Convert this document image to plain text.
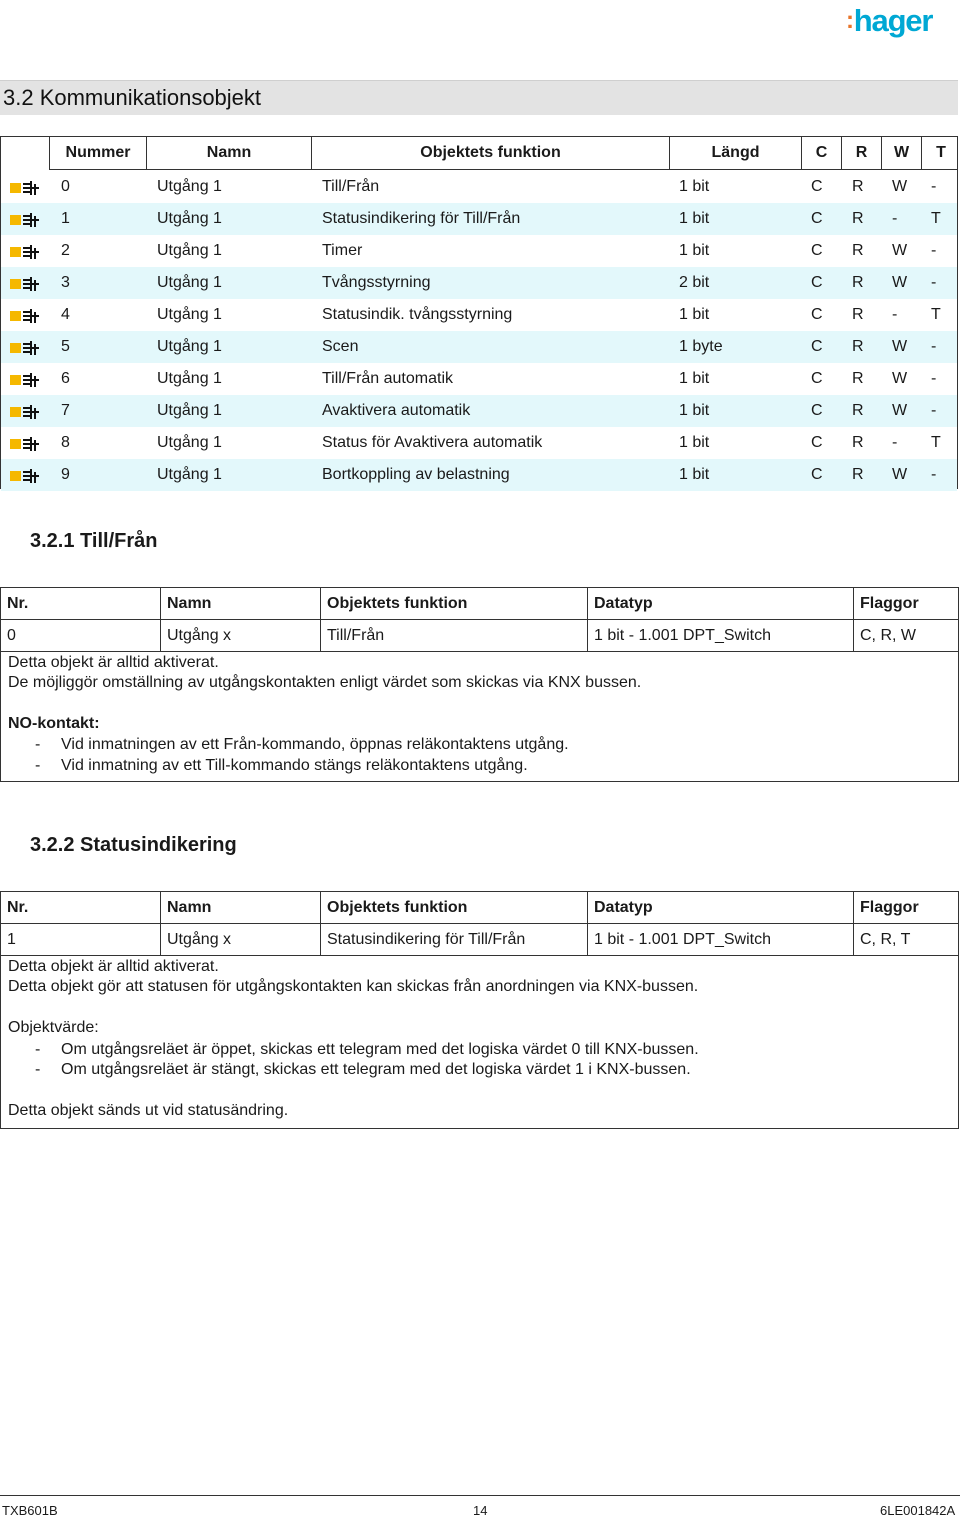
:hager
3.2 Kommunikationsobjekt
Nummer	Namn	Objektets funktion	Längd	C	R	W	T
0	Utgång 1	Till/Från	1 bit	C R W -
1	Utgång 1	Statusindikering för Till/Från	1 bit	C R - T
2	Utgång 1	Timer	1 bit	C R W -
3	Utgång 1	Tvångsstyrning	2 bit	C R W -
4	Utgång 1	Statusindik. tvångsstyrning	1 bit	C R - T
5	Utgång 1	Scen	1 byte	C R W -
6	Utgång 1	Till/Från automatik	1 bit	C R W -
7	Utgång 1	Avaktivera automatik	1 bit	C R W -
8	Utgång 1	Status för Avaktivera automatik	1 bit	C R - T
9	Utgång 1	Bortkoppling av belastning	1 bit	C R W -
3.2.1 Till/Från
Nr.	Namn	Objektets funktion	Datatyp	Flaggor
0	Utgång x	Till/Från	1 bit - 1.001 DPT_Switch	C, R, W
Detta objekt är alltid aktiverat.
De möjliggör omställning av utgångskontakten enligt värdet som skickas via KNX bussen.
NO-kontakt:
- Vid inmatningen av ett Från-kommando, öppnas reläkontaktens utgång.
- Vid inmatning av ett Till-kommando stängs reläkontaktens utgång.
3.2.2 Statusindikering
Nr.	Namn	Objektets funktion	Datatyp	Flaggor
1	Utgång x	Statusindikering för Till/Från	1 bit - 1.001 DPT_Switch	C, R, T
Detta objekt är alltid aktiverat.
Detta objekt gör att statusen för utgångskontakten kan skickas från anordningen via KNX-bussen.
Objektvärde:
- Om utgångsreläet är öppet, skickas ett telegram med det logiska värdet 0 till KNX-bussen.
- Om utgångsreläet är stängt, skickas ett telegram med det logiska värdet 1 i KNX-bussen.
Detta objekt sänds ut vid statusändring.
TXB601B	14	6LE001842A
